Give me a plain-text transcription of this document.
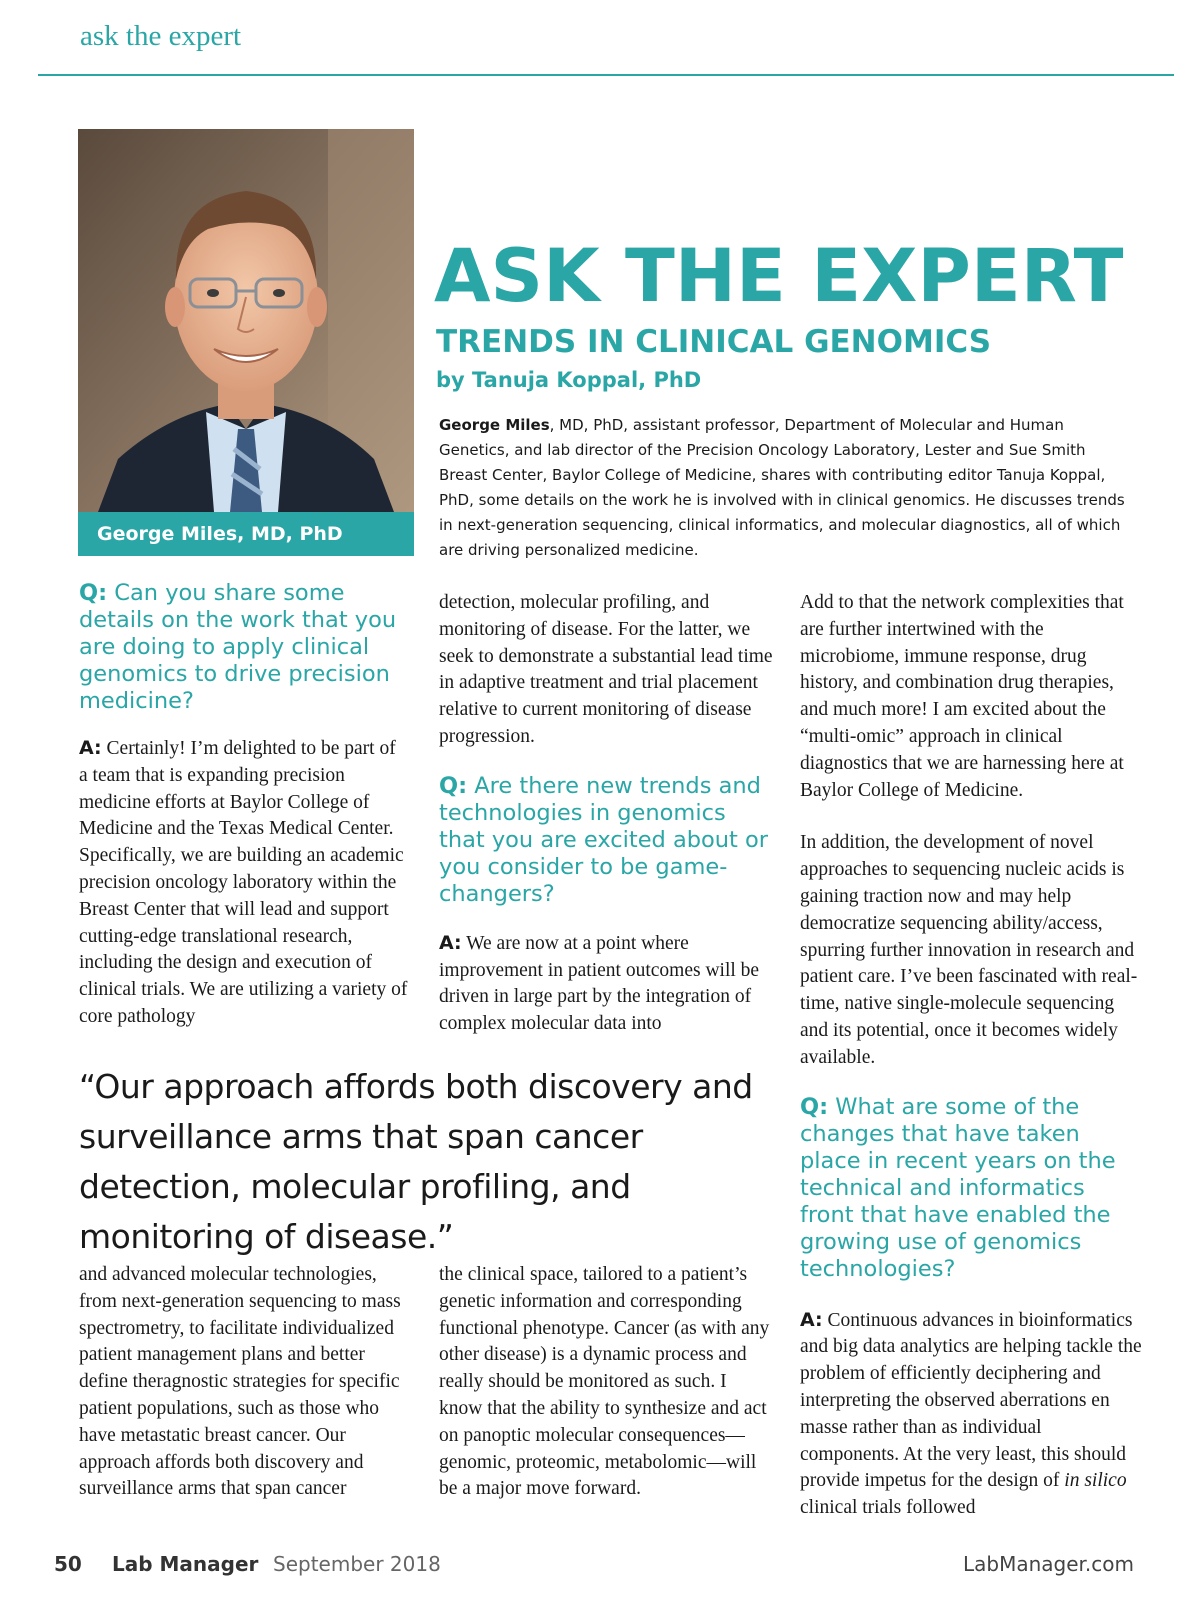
ask the expert
George Miles, MD, PhD
ASK THE EXPERT
TRENDS IN CLINICAL GENOMICS
by Tanuja Koppal, PhD
George Miles, MD, PhD, assistant professor, Department of Molecular and Human Genetics, and lab director of the Precision Oncology Laboratory, Lester and Sue Smith Breast Center, Baylor College of Medicine, shares with contributing editor Tanuja Koppal, PhD, some details on the work he is involved with in clinical genomics. He discusses trends in next-generation sequencing, clinical informatics, and molecular diagnostics, all of which are driving personalized medicine.

Q: Can you share some details on the work that you are doing to apply clinical genomics to drive precision medicine?

A: Certainly! I’m delighted to be part of a team that is expanding precision medicine efforts at Baylor College of Medicine and the Texas Medical Center. Specifically, we are building an academic precision oncology laboratory within the Breast Center that will lead and support cutting-edge translational research, including the design and execution of clinical trials. We are utilizing a variety of core pathology

detection, molecular profiling, and monitoring of disease. For the latter, we seek to demonstrate a substantial lead time in adaptive treatment and trial placement relative to current monitoring of disease progression.

Q: Are there new trends and technologies in genomics that you are excited about or you consider to be game-changers?

A: We are now at a point where improvement in patient outcomes will be driven in large part by the integration of complex molecular data into

Add to that the network complexities that are further intertwined with the microbiome, immune response, drug history, and combination drug therapies, and much more! I am excited about the “multi-omic” approach in clinical diagnostics that we are harnessing here at Baylor College of Medicine.

In addition, the development of novel approaches to sequencing nucleic acids is gaining traction now and may help democratize sequencing ability/access, spurring further innovation in research and patient care. I’ve been fascinated with real-time, native single-molecule sequencing and its potential, once it becomes widely available.

Q: What are some of the changes that have taken place in recent years on the technical and informatics front that have enabled the growing use of genomics technologies?

A: Continuous advances in bioinformatics and big data analytics are helping tackle the problem of efficiently deciphering and interpreting the observed aberrations en masse rather than as individual components. At the very least, this should provide impetus for the design of in silico clinical trials followed

“Our approach affords both discovery and surveillance arms that span cancer detection, molecular profiling, and monitoring of disease.”

and advanced molecular technologies, from next-generation sequencing to mass spectrometry, to facilitate individualized patient management plans and better define theragnostic strategies for specific patient populations, such as those who have metastatic breast cancer. Our approach affords both discovery and surveillance arms that span cancer

the clinical space, tailored to a patient’s genetic information and corresponding functional phenotype. Cancer (as with any other disease) is a dynamic process and really should be monitored as such. I know that the ability to synthesize and act on panoptic molecular consequences—genomic, proteomic, metabolomic—will be a major move forward.

50 Lab Manager September 2018	LabManager.com
